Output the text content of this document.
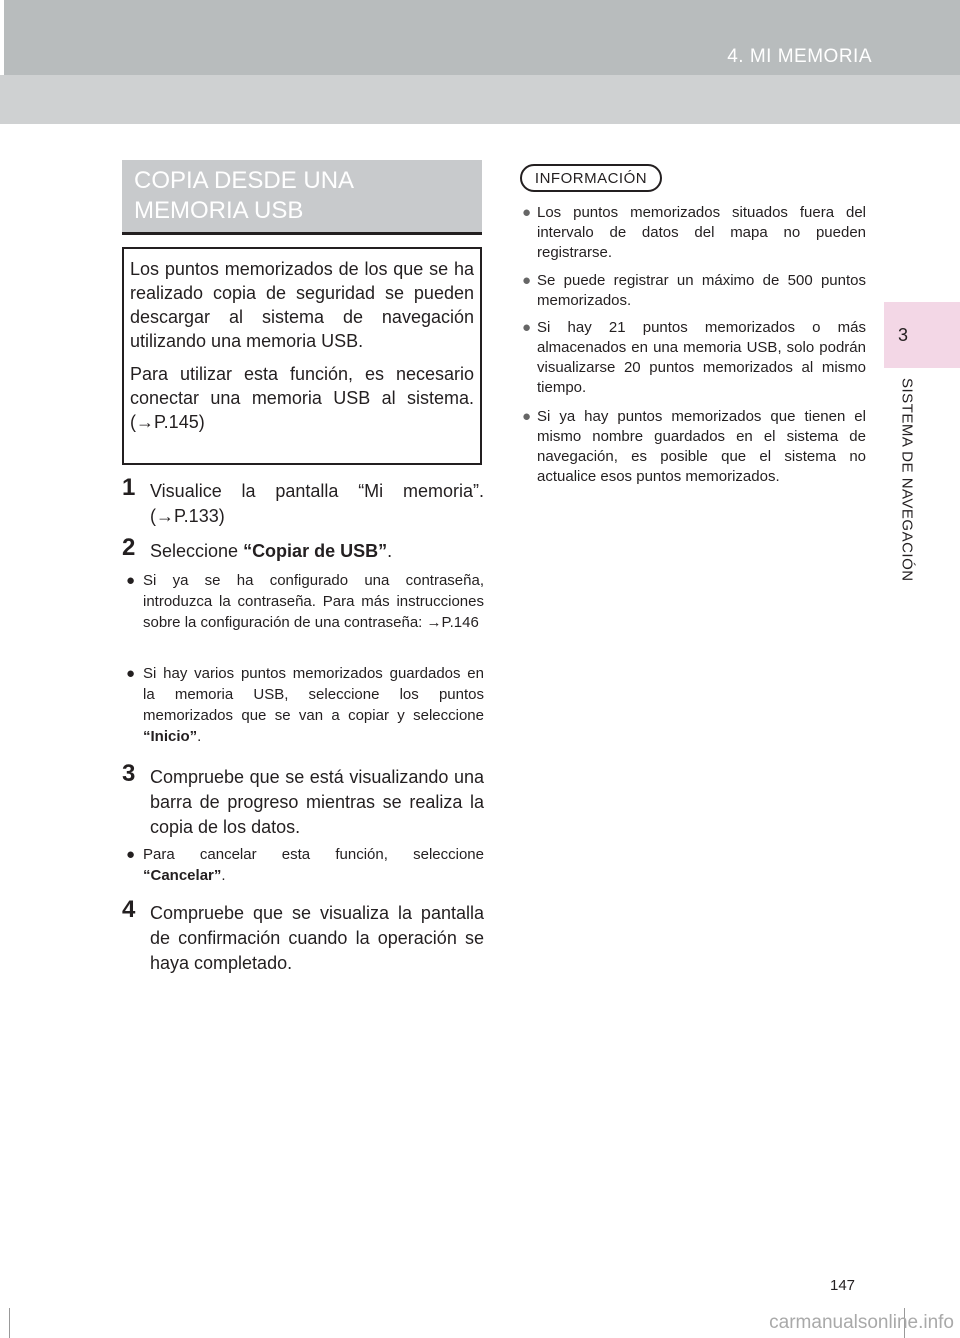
4. MI MEMORIA
3
SISTEMA DE NAVEGACIÓN
COPIA DESDE UNA
MEMORIA USB

Los puntos memorizados de los que se ha realizado copia de seguridad se pueden descargar al sistema de navegación utilizando una memoria USB.

Para utilizar esta función, es necesario conectar una memoria USB al sistema. (→P.145)

1 Visualice la pantalla “Mi memoria”. (→P.133)
2 Seleccione “Copiar de USB”.
● Si ya se ha configurado una contraseña, introduzca la contraseña. Para más instrucciones sobre la configuración de una contraseña: →P.146
● Si hay varios puntos memorizados guardados en la memoria USB, seleccione los puntos memorizados que se van a copiar y seleccione “Inicio”.
3 Compruebe que se está visualizando una barra de progreso mientras se realiza la copia de los datos.
● Para cancelar esta función, seleccione “Cancelar”.
4 Compruebe que se visualiza la pantalla de confirmación cuando la operación se haya completado.
INFORMACIÓN
● Los puntos memorizados situados fuera del intervalo de datos del mapa no pueden registrarse.
● Se puede registrar un máximo de 500 puntos memorizados.
● Si hay 21 puntos memorizados o más almacenados en una memoria USB, solo podrán visualizarse 20 puntos memorizados al mismo tiempo.
● Si ya hay puntos memorizados que tienen el mismo nombre guardados en el sistema de navegación, es posible que el sistema no actualice esos puntos memorizados.
147
carmanualsonline.info
